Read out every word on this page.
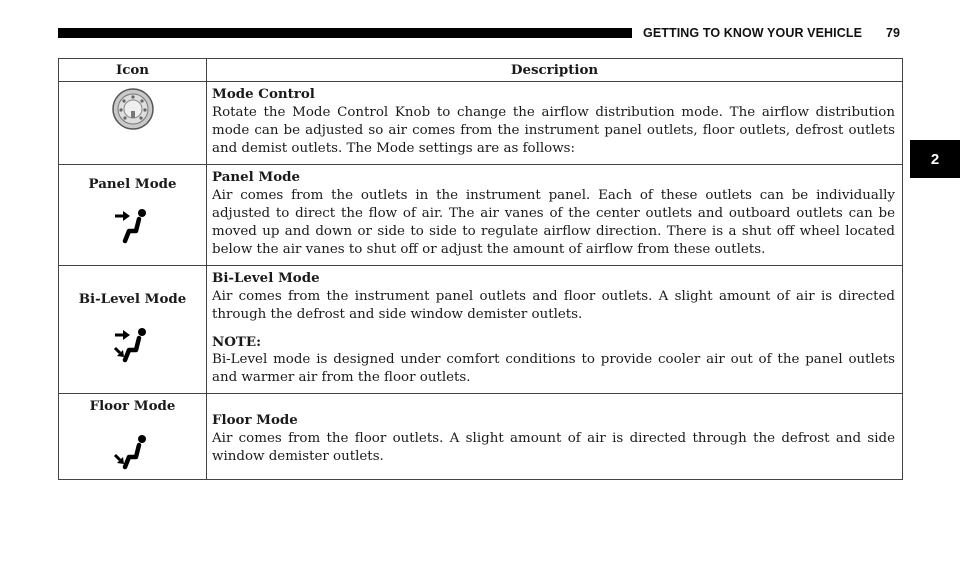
GETTING TO KNOW YOUR VEHICLE 79
2
Icon	Description

	Mode Control

Rotate the Mode Control Knob to change the airflow distribution mode. The airflow distribution mode can be adjusted so air comes from the instrument panel outlets, floor outlets, defrost outlets and demist outlets. The Mode settings are as follows:

Panel Mode	Panel Mode

Air comes from the outlets in the instrument panel. Each of these outlets can be individually adjusted to direct the flow of air. The air vanes of the center outlets and outboard outlets can be moved up and down or side to side to regulate airflow direction. There is a shut off wheel located below the air vanes to shut off or adjust the amount of airflow from these outlets.

Bi-Level Mode	Bi-Level Mode

Air comes from the instrument panel outlets and floor outlets. A slight amount of air is directed through the defrost and side window demister outlets.

NOTE:

Bi-Level mode is designed under comfort conditions to provide cooler air out of the panel outlets and warmer air from the floor outlets.

Floor Mode	Floor Mode

Air comes from the floor outlets. A slight amount of air is directed through the defrost and side window demister outlets.
